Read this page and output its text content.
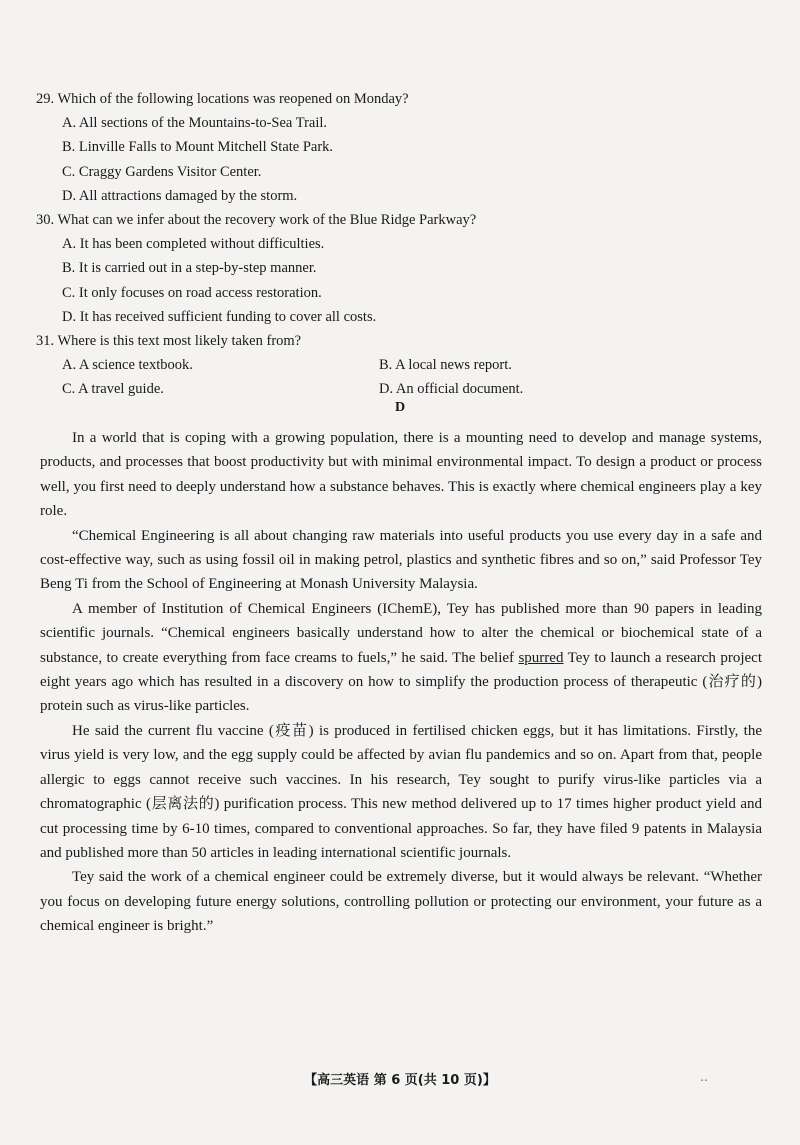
29. Which of the following locations was reopened on Monday?

A. All sections of the Mountains-to-Sea Trail.

B. Linville Falls to Mount Mitchell State Park.

C. Craggy Gardens Visitor Center.

D. All attractions damaged by the storm.

30. What can we infer about the recovery work of the Blue Ridge Parkway?

A. It has been completed without difficulties.

B. It is carried out in a step-by-step manner.

C. It only focuses on road access restoration.

D. It has received sufficient funding to cover all costs.

31. Where is this text most likely taken from?

A. A science textbook.	B. A local news report.
C. A travel guide.	D. An official document.
D

In a world that is coping with a growing population, there is a mounting need to develop and manage systems, products, and processes that boost productivity but with minimal environmental impact. To design a product or process well, you first need to deeply understand how a substance behaves. This is exactly where chemical engineers play a key role.

“Chemical Engineering is all about changing raw materials into useful products you use every day in a safe and cost-effective way, such as using fossil oil in making petrol, plastics and synthetic fibres and so on,” said Professor Tey Beng Ti from the School of Engineering at Monash University Malaysia.

A member of Institution of Chemical Engineers (IChemE), Tey has published more than 90 papers in leading scientific journals. “Chemical engineers basically understand how to alter the chemical or biochemical state of a substance, to create everything from face creams to fuels,” he said. The belief spurred Tey to launch a research project eight years ago which has resulted in a discovery on how to simplify the production process of therapeutic (治疗的) protein such as virus-like particles.

He said the current flu vaccine (疫苗) is produced in fertilised chicken eggs, but it has limitations. Firstly, the virus yield is very low, and the egg supply could be affected by avian flu pandemics and so on. Apart from that, people allergic to eggs cannot receive such vaccines. In his research, Tey sought to purify virus-like particles via a chromatographic (层离法的) purification process. This new method delivered up to 17 times higher product yield and cut processing time by 6-10 times, compared to conventional approaches. So far, they have filed 9 patents in Malaysia and published more than 50 articles in leading international scientific journals.

Tey said the work of a chemical engineer could be extremely diverse, but it would always be relevant. “Whether you focus on developing future energy solutions, controlling pollution or protecting our environment, your future as a chemical engineer is bright.”

【高三英语 第 6 页(共 10 页)】	‥
